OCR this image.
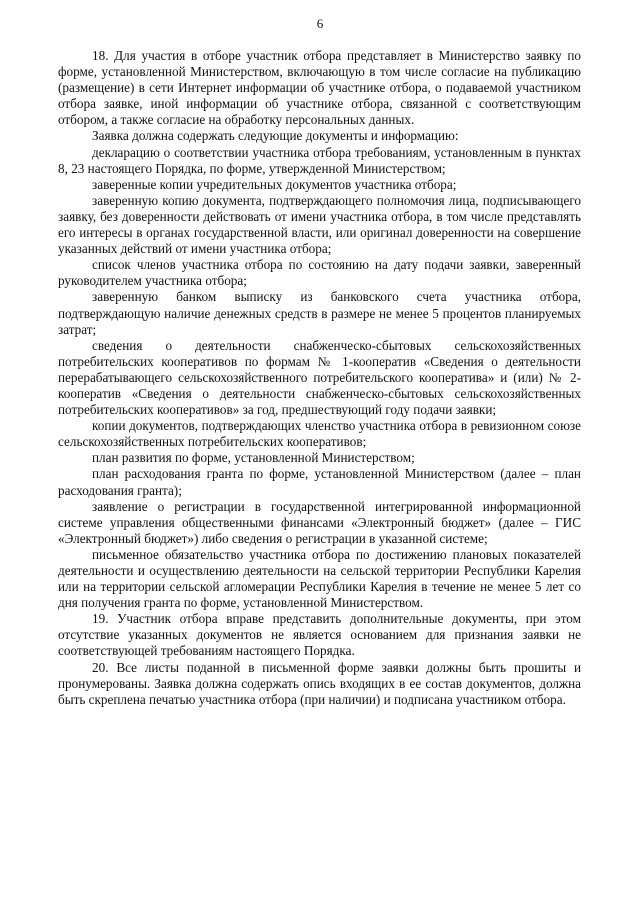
6

18. Для участия в отборе участник отбора представляет в Министерство заявку по форме, установленной Министерством, включающую в том числе согласие на публикацию (размещение) в сети Интернет информации об участнике отбора, о подаваемой участником отбора заявке, иной информации об участнике отбора, связанной с соответствующим отбором, а также согласие на обработку персональных данных.

Заявка должна содержать следующие документы и информацию:

декларацию о соответствии участника отбора требованиям, установленным в пунктах 8, 23 настоящего Порядка, по форме, утвержденной Министерством;

заверенные копии учредительных документов участника отбора;

заверенную копию документа, подтверждающего полномочия лица, подписывающего заявку, без доверенности действовать от имени участника отбора, в том числе представлять его интересы в органах государственной власти, или оригинал доверенности на совершение указанных действий от имени участника отбора;

список членов участника отбора по состоянию на дату подачи заявки, заверенный руководителем участника отбора;

заверенную банком выписку из банковского счета участника отбора, подтверждающую наличие денежных средств в размере не менее 5 процентов планируемых затрат;

сведения о деятельности снабженческо-сбытовых сельскохозяйственных потребительских кооперативов по формам № 1-кооператив «Сведения о деятельности перерабатывающего сельскохозяйственного потребительского кооператива» и (или) № 2-кооператив «Сведения о деятельности снабженческо-сбытовых сельскохозяйственных потребительских кооперативов» за год, предшествующий году подачи заявки;

копии документов, подтверждающих членство участника отбора в ревизионном союзе сельскохозяйственных потребительских кооперативов;

план развития по форме, установленной Министерством;

план расходования гранта по форме, установленной Министерством (далее – план расходования гранта);

заявление о регистрации в государственной интегрированной информационной системе управления общественными финансами «Электронный бюджет» (далее – ГИС «Электронный бюджет») либо сведения о регистрации в указанной системе;

письменное обязательство участника отбора по достижению плановых показателей деятельности и осуществлению деятельности на сельской территории Республики Карелия или на территории сельской агломерации Республики Карелия в течение не менее 5 лет со дня получения гранта по форме, установленной Министерством.

19. Участник отбора вправе представить дополнительные документы, при этом отсутствие указанных документов не является основанием для признания заявки не соответствующей требованиям настоящего Порядка.

20. Все листы поданной в письменной форме заявки должны быть прошиты и пронумерованы. Заявка должна содержать опись входящих в ее состав документов, должна быть скреплена печатью участника отбора (при наличии) и подписана участником отбора.
